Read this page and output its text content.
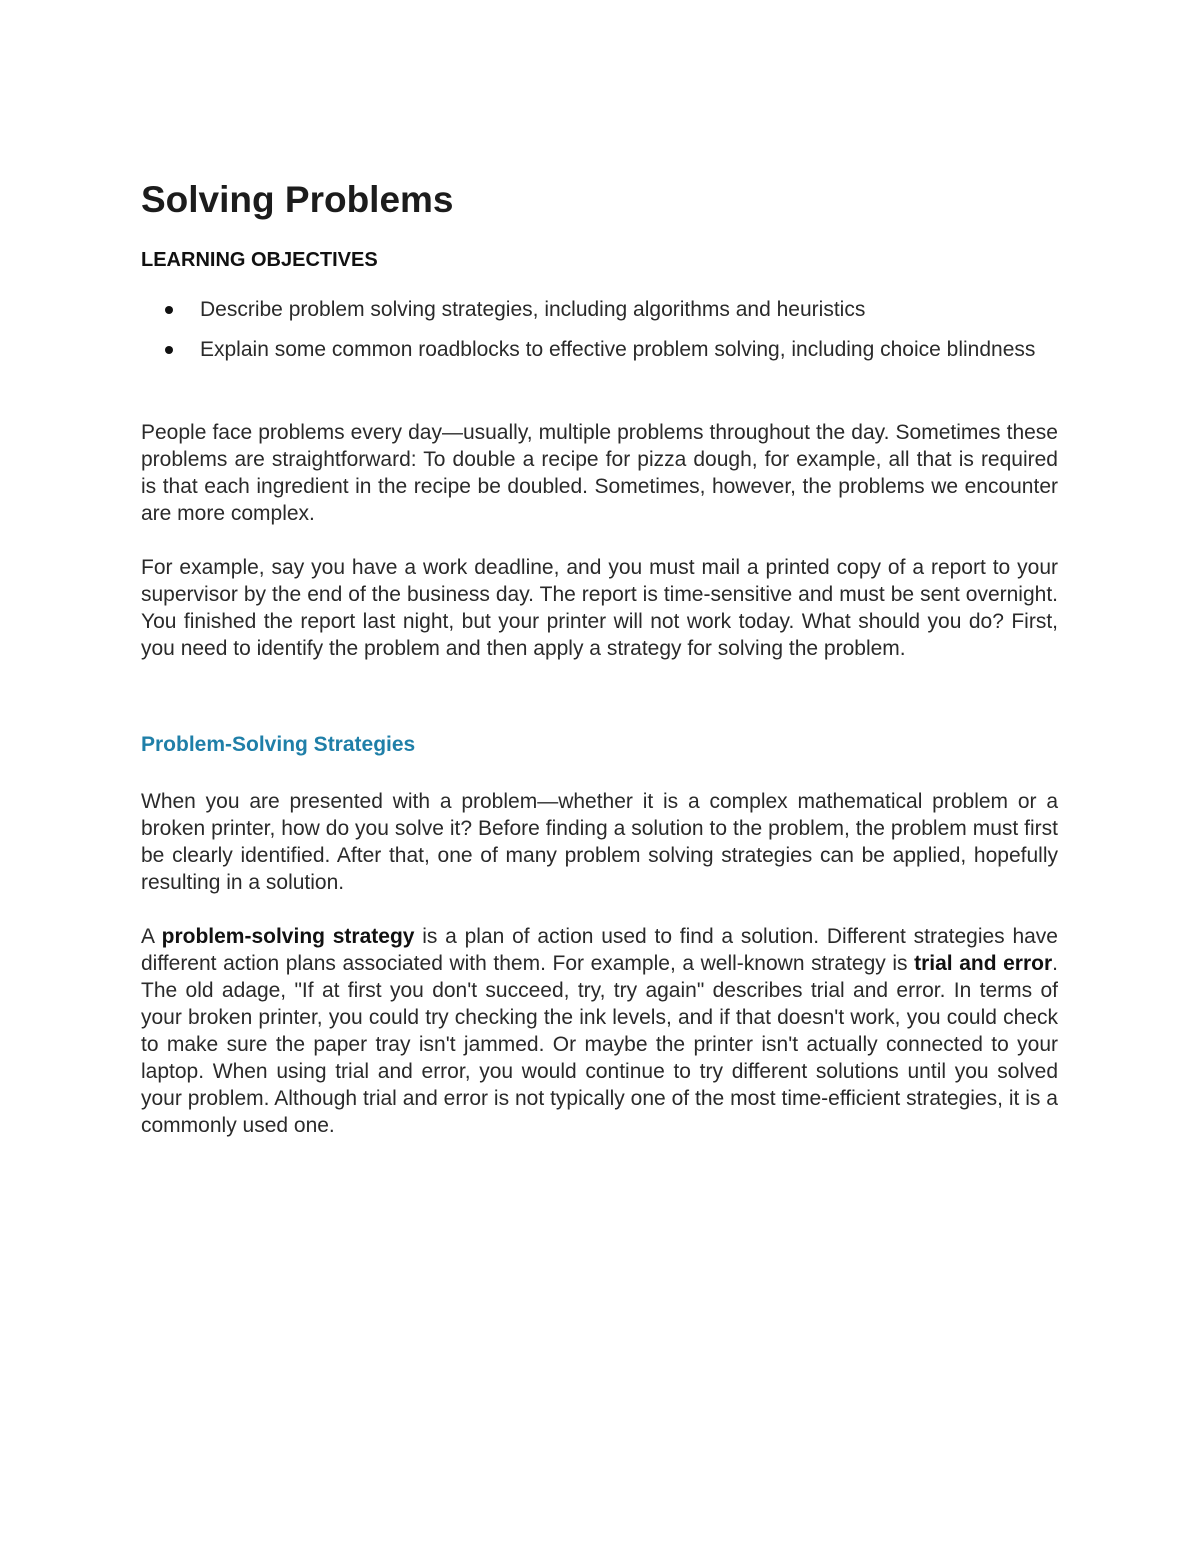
Solving Problems
LEARNING OBJECTIVES
Describe problem solving strategies, including algorithms and heuristics
Explain some common roadblocks to effective problem solving, including choice blindness

People face problems every day—usually, multiple problems throughout the day. Sometimes these problems are straightforward: To double a recipe for pizza dough, for example, all that is required is that each ingredient in the recipe be doubled. Sometimes, however, the problems we encounter are more complex.

For example, say you have a work deadline, and you must mail a printed copy of a report to your supervisor by the end of the business day. The report is time-sensitive and must be sent overnight. You finished the report last night, but your printer will not work today. What should you do? First, you need to identify the problem and then apply a strategy for solving the problem.

Problem-Solving Strategies

When you are presented with a problem—whether it is a complex mathematical problem or a broken printer, how do you solve it? Before finding a solution to the problem, the problem must first be clearly identified. After that, one of many problem solving strategies can be applied, hopefully resulting in a solution.

A problem-solving strategy is a plan of action used to find a solution. Different strategies have different action plans associated with them. For example, a well-known strategy is trial and error. The old adage, "If at first you don't succeed, try, try again" describes trial and error. In terms of your broken printer, you could try checking the ink levels, and if that doesn't work, you could check to make sure the paper tray isn't jammed. Or maybe the printer isn't actually connected to your laptop. When using trial and error, you would continue to try different solutions until you solved your problem. Although trial and error is not typically one of the most time-efficient strategies, it is a commonly used one.
